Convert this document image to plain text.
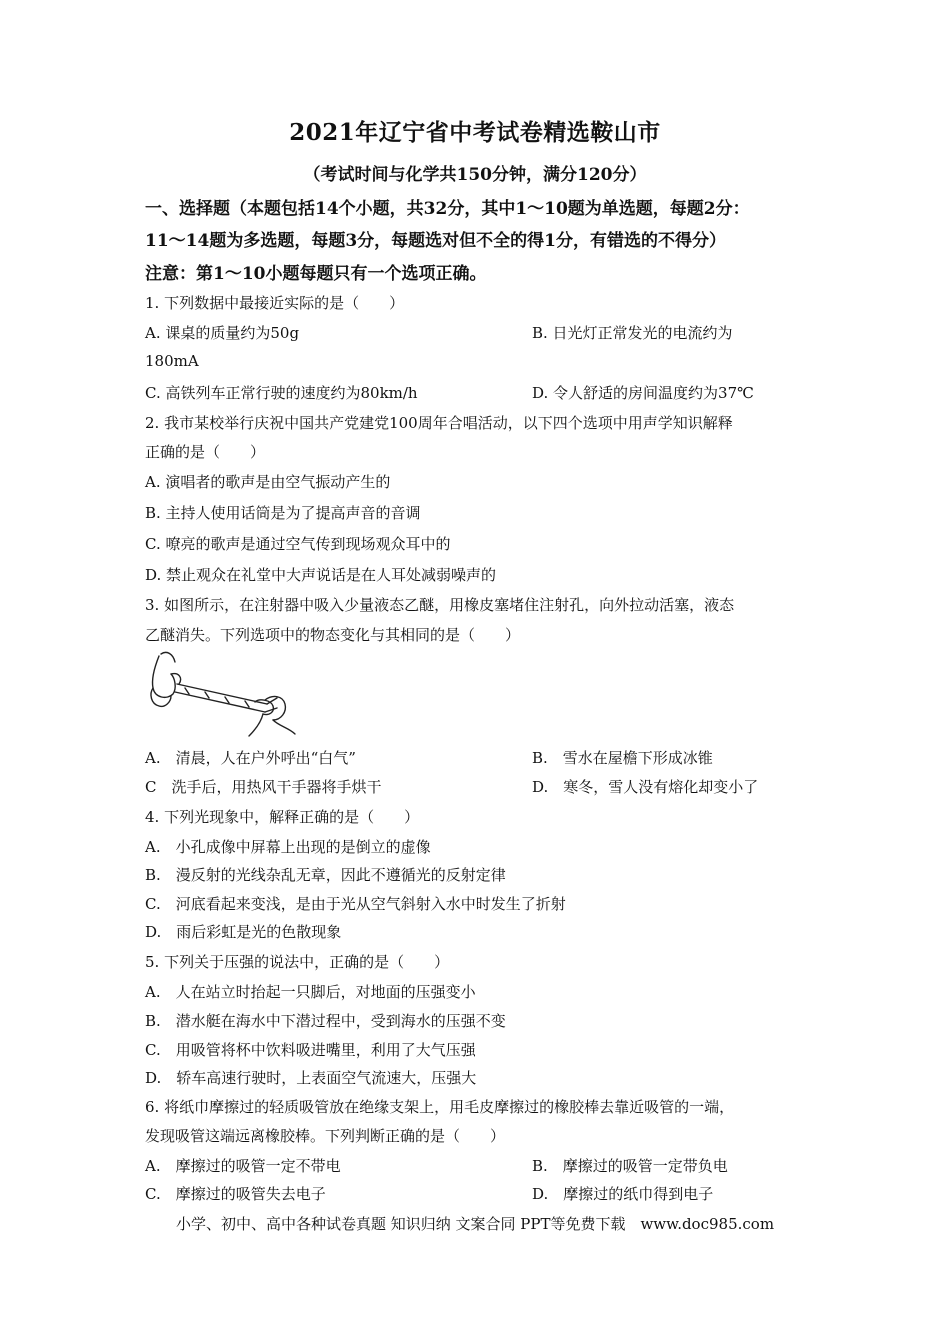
2021年辽宁省中考试卷精选鞍山市
（考试时间与化学共150分钟，满分120分）
一、选择题（本题包括14个小题，共32分，其中1～10题为单选题，每题2分：
11～14题为多选题，每题3分，每题选对但不全的得1分，有错选的不得分）
注意：第1～10小题每题只有一个选项正确。
1. 下列数据中最接近实际的是（　　）
A. 课桌的质量约为50g	B. 日光灯正常发光的电流约为
180mA
C. 高铁列车正常行驶的速度约为80km/h	D. 令人舒适的房间温度约为37℃
2. 我市某校举行庆祝中国共产党建党100周年合唱活动，以下四个选项中用声学知识解释
正确的是（　　）
A. 演唱者的歌声是由空气振动产生的
B. 主持人使用话筒是为了提高声音的音调
C. 嘹亮的歌声是通过空气传到现场观众耳中的
D. 禁止观众在礼堂中大声说话是在人耳处减弱噪声的
3. 如图所示，在注射器中吸入少量液态乙醚，用橡皮塞堵住注射孔，向外拉动活塞，液态
乙醚消失。下列选项中的物态变化与其相同的是（　　）
A.　清晨，人在户外呼出“白气”	B.　雪水在屋檐下形成冰锥
C　洗手后，用热风干手器将手烘干	D.　寒冬，雪人没有熔化却变小了
4. 下列光现象中，解释正确的是（　　）
A.　小孔成像中屏幕上出现的是倒立的虚像
B.　漫反射的光线杂乱无章，因此不遵循光的反射定律
C.　河底看起来变浅，是由于光从空气斜射入水中时发生了折射
D.　雨后彩虹是光的色散现象
5. 下列关于压强的说法中，正确的是（　　）
A.　人在站立时抬起一只脚后，对地面的压强变小
B.　潜水艇在海水中下潜过程中，受到海水的压强不变
C.　用吸管将杯中饮料吸进嘴里，利用了大气压强
D.　轿车高速行驶时，上表面空气流速大，压强大
6. 将纸巾摩擦过的轻质吸管放在绝缘支架上，用毛皮摩擦过的橡胶棒去靠近吸管的一端，
发现吸管这端远离橡胶棒。下列判断正确的是（　　）
A.　摩擦过的吸管一定不带电	B.　摩擦过的吸管一定带负电
C.　摩擦过的吸管失去电子	D.　摩擦过的纸巾得到电子
小学、初中、高中各种试卷真题 知识归纳 文案合同 PPT等免费下载　www.doc985.com
